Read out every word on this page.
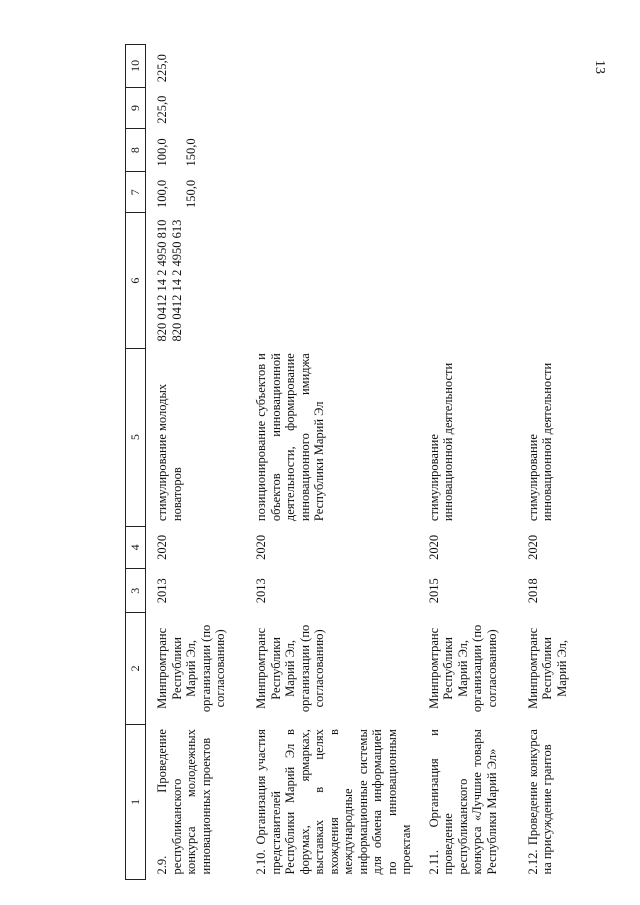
13
1	2	3	4	5	6	7	8	9	10
2.9. Проведение республиканского конкурса молодежных инновационных проектов	Минпромтранс Республики Марий Эл, организации (по согласованию)	2013	2020	стимулирование молодых новаторов	820 0412 14 2 4950 810 820 0412 14 2 4950 613	100,0 150,0	100,0 150,0	225,0	225,0

2.10. Организация участия представителей Республики Марий Эл в форумах, ярмарках, выставках в целях вхождения в международные информационные системы для обмена информацией по инновационным проектам	Минпромтранс Республики Марий Эл, организации (по согласованию)	2013	2020	позиционирование субъектов и объектов инновационной деятельности, формирование инновационного имиджа Республики Марий Эл					
2.11. Организация и проведение республиканского конкурса «Лучшие товары Республики Марий Эл»	Минпромтранс Республики Марий Эл, организации (по согласованию)	2015	2020	стимулирование инновационной деятельности					
2.12. Проведение конкурса на присуждение грантов	Минпромтранс Республики Марий Эл,	2018	2020	стимулирование инновационной деятельности					
